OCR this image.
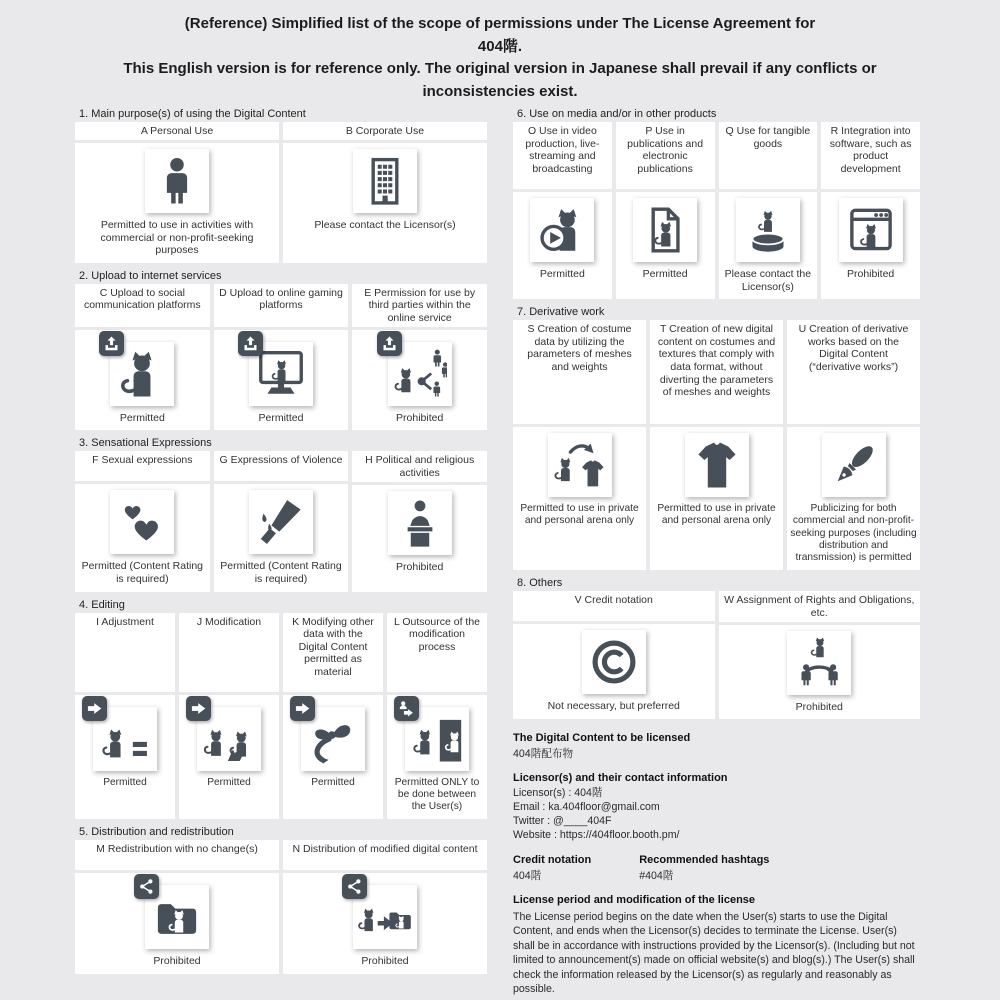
(Reference) Simplified list of the scope of permissions under The License Agreement for
404階.
This English version is for reference only. The original version in Japanese shall prevail if any conflicts or inconsistencies exist.
1. Main purpose(s) of using the Digital Content
A Personal Use
Permitted to use in activities with commercial or non-profit-seeking purposes
B Corporate Use
Please contact the Licensor(s)
2. Upload to internet services
C Upload to social communication platforms
Permitted
D Upload to online gaming platforms
Permitted
E Permission for use by third parties within the online service
Prohibited
3. Sensational Expressions
F Sexual expressions
Permitted (Content Rating is required)
G Expressions of Violence
Permitted (Content Rating is required)
H Political and religious activities
Prohibited
4. Editing
I Adjustment
Permitted
J Modification
Permitted
K Modifying other data with the Digital Content permitted as material
Permitted
L Outsource of the modification process
Permitted ONLY to be done between the User(s)
5. Distribution and redistribution
M Redistribution with no change(s)
Prohibited
N Distribution of modified digital content
Prohibited
6. Use on media and/or in other products
O Use in video production, live-streaming and broadcasting
Permitted
P Use in publications and electronic publications
Permitted
Q Use for tangible goods
Please contact the Licensor(s)
R Integration into software, such as product development
Prohibited
7. Derivative work
S Creation of costume data by utilizing the parameters of meshes and weights
Permitted to use in private and personal arena only
T Creation of new digital content on costumes and textures that comply with data format, without diverting the parameters of meshes and weights
Permitted to use in private and personal arena only
U Creation of derivative works based on the Digital Content (“derivative works”)
Publicizing for both commercial and non-profit-seeking purposes (including distribution and transmission) is permitted
8. Others
V Credit notation
Not necessary, but preferred
W Assignment of Rights and Obligations, etc.
Prohibited
The Digital Content to be licensed
404階配布物
Licensor(s) and their contact information
Licensor(s) : 404階
Email : ka.404floor@gmail.com
Twitter : @____404F
Website : https://404floor.booth.pm/
Credit notation
404階
Recommended hashtags
#404階
License period and modification of the license
The License period begins on the date when the User(s) starts to use the Digital Content, and ends when the Licensor(s) decides to terminate the License. User(s) shall be in accordance with instructions provided by the Licensor(s). (Including but not limited to announcement(s) made on official website(s) and blog(s).) The User(s) shall check the information released by the Licensor(s) as regularly and reasonably as possible.
